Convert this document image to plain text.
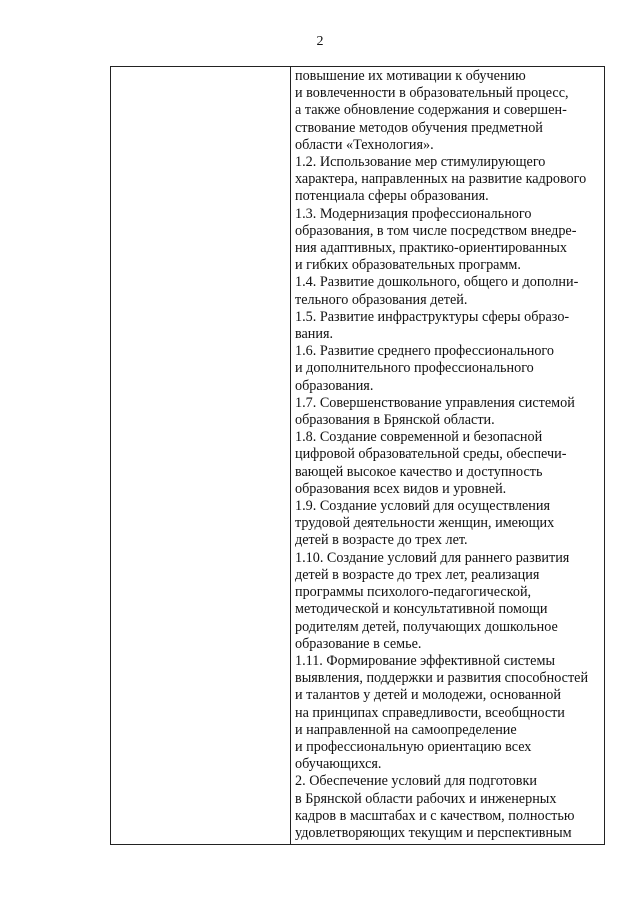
2
повышение их мотивации к обучению
и вовлеченности в образовательный процесс,
а также обновление содержания и совершен-
ствование методов обучения предметной
области «Технология».
1.2. Использование мер стимулирующего
характера, направленных на развитие кадрового
потенциала сферы образования.
1.3. Модернизация профессионального
образования, в том числе посредством внедре-
ния адаптивных, практико-ориентированных
и гибких образовательных программ.
1.4. Развитие дошкольного, общего и дополни-
тельного образования детей.
1.5. Развитие инфраструктуры сферы образо-
вания.
1.6. Развитие среднего профессионального
и дополнительного профессионального
образования.
1.7. Совершенствование управления системой
образования в Брянской области.
1.8. Создание современной и безопасной
цифровой образовательной среды, обеспечи-
вающей высокое качество и доступность
образования всех видов и уровней.
1.9. Создание условий для осуществления
трудовой деятельности женщин, имеющих
детей в возрасте до трех лет.
1.10. Создание условий для раннего развития
детей в возрасте до трех лет, реализация
программы психолого-педагогической,
методической и консультативной помощи
родителям детей, получающих дошкольное
образование в семье.
1.11. Формирование эффективной системы
выявления, поддержки и развития способностей
и талантов у детей и молодежи, основанной
на принципах справедливости, всеобщности
и направленной на самоопределение
и профессиональную ориентацию всех
обучающихся.
2. Обеспечение условий для подготовки
в Брянской области рабочих и инженерных
кадров в масштабах и с качеством, полностью
удовлетворяющих текущим и перспективным
